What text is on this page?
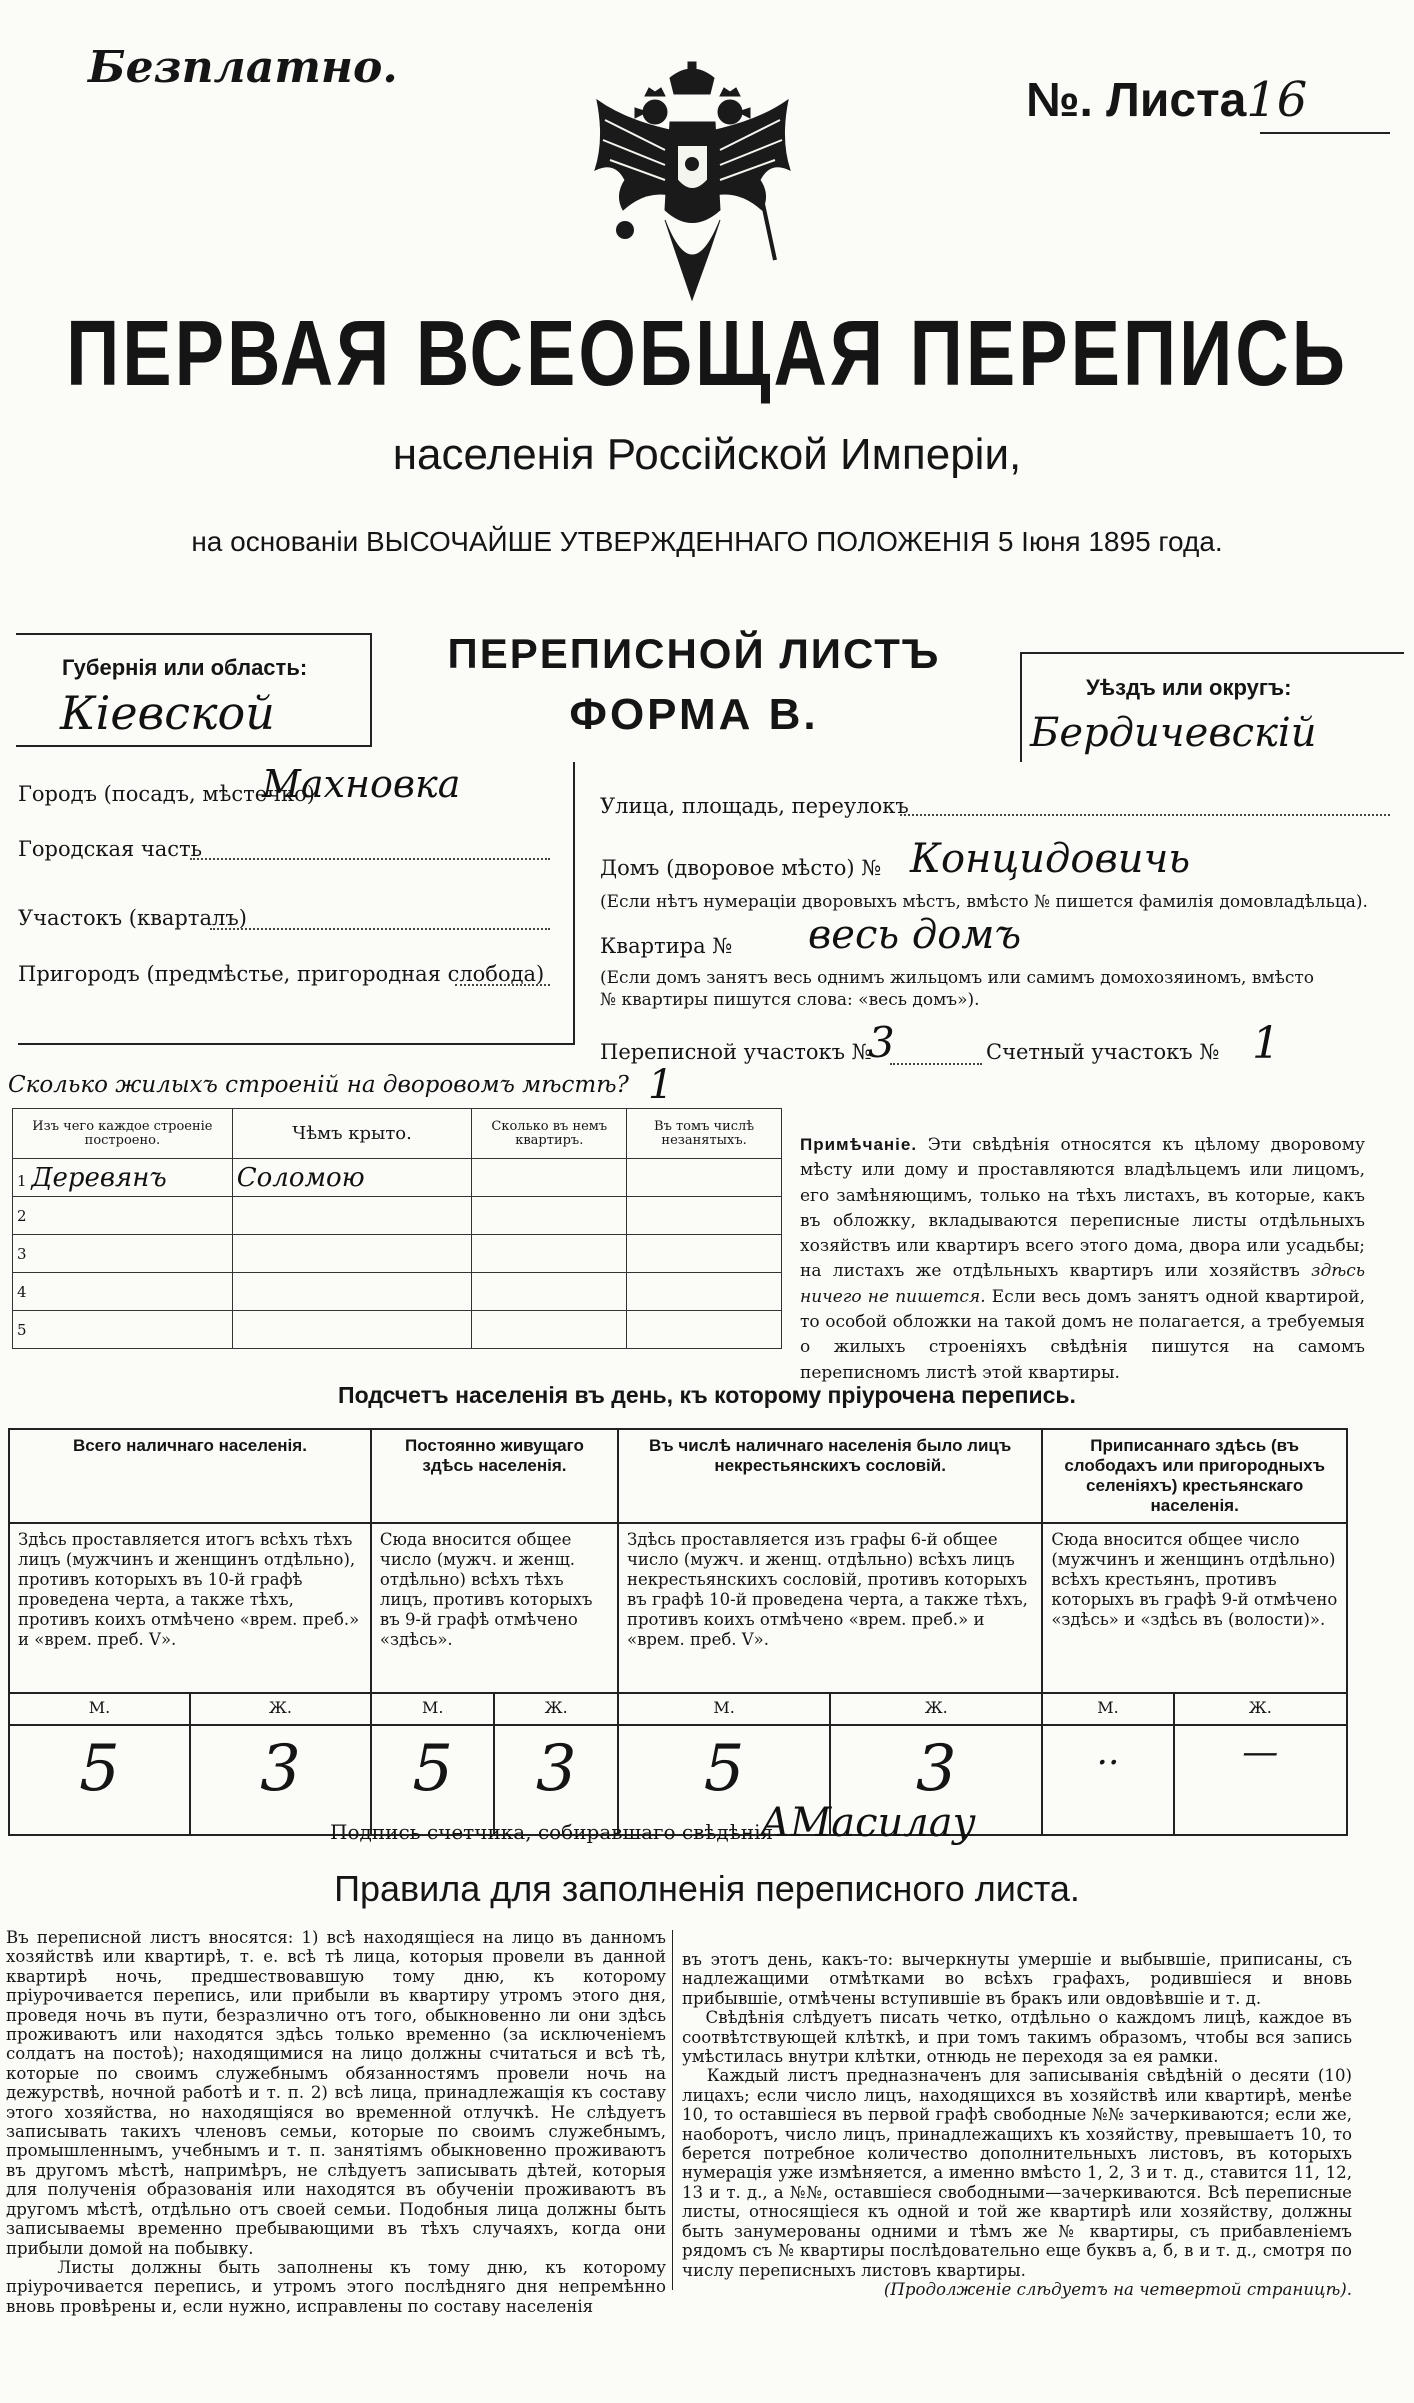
Безплатно.
№. Листа16
ПЕРВАЯ ВСЕОБЩАЯ ПЕРЕПИСЬ
населенія Россійской Имперіи,
на основаніи ВЫСОЧАЙШЕ УТВЕРЖДЕННАГО ПОЛОЖЕНІЯ 5 Іюня 1895 года.
Губернія или область:
Кіевской
ПЕРЕПИСНОЙ ЛИСТЪ
ФОРМА В.
Уѣздъ или округъ:
Бердичевскій
Городъ (посадъ, мѣстечко)
Махновка
Городская часть
Участокъ (кварталъ)
Пригородъ (предмѣстье, пригородная слобода)
Улица, площадь, переулокъ
Домъ (дворовое мѣсто) № Концидовичь
(Если нѣтъ нумераціи дворовыхъ мѣстъ, вмѣсто № пишется фамилія домовладѣльца).
Квартира № весь домъ
(Если домъ занятъ весь однимъ жильцомъ или самимъ домохозяиномъ, вмѣсто
№ квартиры пишутся слова: «весь домъ»).
Переписной участокъ №
3	Счетный участокъ № 1
Сколько жилыхъ строеній на дворовомъ мѣстѣ? 1
Изъ чего каждое строеніе построено.	Чѣмъ крыто.	Сколько въ немъ квартиръ.	Въ томъ числѣ незанятыхъ.
1 Деревянъ	Соломою		
2			
3			
4			
5			
Примѣчаніе. Эти свѣдѣнія относятся къ цѣлому дворовому мѣсту или дому и проставляются владѣльцемъ или лицомъ, его замѣняющимъ, только на тѣхъ листахъ, въ которые, какъ въ обложку, вкладываются переписные листы отдѣльныхъ хозяйствъ или квартиръ всего этого дома, двора или усадьбы; на листахъ же отдѣльныхъ квартиръ или хозяйствъ здѣсь ничего не пишется. Если весь домъ занятъ одной квартирой, то особой обложки на такой домъ не полагается, а требуемыя о жилыхъ строеніяхъ свѣдѣнія пишутся на самомъ переписномъ листѣ этой квартиры.
Подсчетъ населенія въ день, къ которому пріурочена перепись.
Всего наличнаго населенія.		Постоянно живущаго здѣсь населенія.		Въ числѣ наличнаго населенія было лицъ некрестьянскихъ сословій.		Приписаннаго здѣсь (въ слободахъ или пригородныхъ селеніяхъ) крестьянскаго населенія.	
Здѣсь проставляется итогъ всѣхъ тѣхъ лицъ (мужчинъ и женщинъ отдѣльно), противъ которыхъ въ 10-й графѣ проведена черта, а также тѣхъ, противъ коихъ отмѣчено «врем. преб.» и «врем. преб. V».		Сюда вносится общее число (мужч. и женщ. отдѣльно) всѣхъ тѣхъ лицъ, противъ которыхъ въ 9-й графѣ отмѣчено «здѣсь».		Здѣсь проставляется изъ графы 6-й общее число (мужч. и женщ. отдѣльно) всѣхъ лицъ некрестьянскихъ сословій, противъ которыхъ въ графѣ 10-й проведена черта, а также тѣхъ, противъ коихъ отмѣчено «врем. преб.» и «врем. преб. V».		Сюда вносится общее число (мужчинъ и женщинъ отдѣльно) всѣхъ крестьянъ, противъ которыхъ въ графѣ 9-й отмѣчено «здѣсь» и «здѣсь въ (волости)».	
М.	Ж.	М.	Ж.	М.	Ж.	М.	Ж.
5	3	5	3	5	3	..	—
Подпись счетчика, собиравшаго свѣдѣнія
АМасилау
Правила для заполненія переписного листа.
Въ переписной листъ вносятся: 1) всѣ находящіеся на лицо въ данномъ хозяйствѣ или квартирѣ, т. е. всѣ тѣ лица, которыя провели въ данной квартирѣ ночь, предшествовавшую тому дню, къ которому пріурочивается перепись, или прибыли въ квартиру утромъ этого дня, проведя ночь въ пути, безразлично отъ того, обыкновенно ли они здѣсь проживаютъ или находятся здѣсь только временно (за исключеніемъ солдатъ на постоѣ); находящимися на лицо должны считаться и всѣ тѣ, которые по своимъ служебнымъ обязанностямъ провели ночь на дежурствѣ, ночной работѣ и т. п. 2) всѣ лица, принадлежащія къ составу этого хозяйства, но находящіяся во временной отлучкѣ. Не слѣдуетъ записывать такихъ членовъ семьи, которые по своимъ служебнымъ, промышленнымъ, учебнымъ и т. п. занятіямъ обыкновенно проживаютъ въ другомъ мѣстѣ, напримѣръ, не слѣдуетъ записывать дѣтей, которыя для полученія образованія или находятся въ обученіи проживаютъ въ другомъ мѣстѣ, отдѣльно отъ своей семьи. Подобныя лица должны быть записываемы временно пребывающими въ тѣхъ случаяхъ, когда они прибыли домой на побывку.
Листы должны быть заполнены къ тому дню, къ которому пріурочивается перепись, и утромъ этого послѣдняго дня непремѣнно вновь провѣрены и, если нужно, исправлены по составу населенія
въ этотъ день, какъ-то: вычеркнуты умершіе и выбывшіе, приписаны, съ надлежащими отмѣтками во всѣхъ графахъ, родившіеся и вновь прибывшіе, отмѣчены вступившіе въ бракъ или овдовѣвшіе и т. д.
Свѣдѣнія слѣдуетъ писать четко, отдѣльно о каждомъ лицѣ, каждое въ соотвѣтствующей клѣткѣ, и при томъ такимъ образомъ, чтобы вся запись умѣстилась внутри клѣтки, отнюдь не переходя за ея рамки.
Каждый листъ предназначенъ для записыванія свѣдѣній о десяти (10) лицахъ; если число лицъ, находящихся въ хозяйствѣ или квартирѣ, менѣе 10, то оставшіеся въ первой графѣ свободные №№ зачеркиваются; если же, наоборотъ, число лицъ, принадлежащихъ къ хозяйству, превышаетъ 10, то берется потребное количество дополнительныхъ листовъ, въ которыхъ нумерація уже измѣняется, а именно вмѣсто 1, 2, 3 и т. д., ставится 11, 12, 13 и т. д., а №№, оставшіеся свободными—зачеркиваются. Всѣ переписные листы, относящіеся къ одной и той же квартирѣ или хозяйству, должны быть занумерованы одними и тѣмъ же № квартиры, съ прибавленіемъ рядомъ съ № квартиры послѣдовательно еще буквъ а, б, в и т. д., смотря по числу переписныхъ листовъ квартиры.

(Продолженіе слѣдуетъ на четвертой страницѣ).
